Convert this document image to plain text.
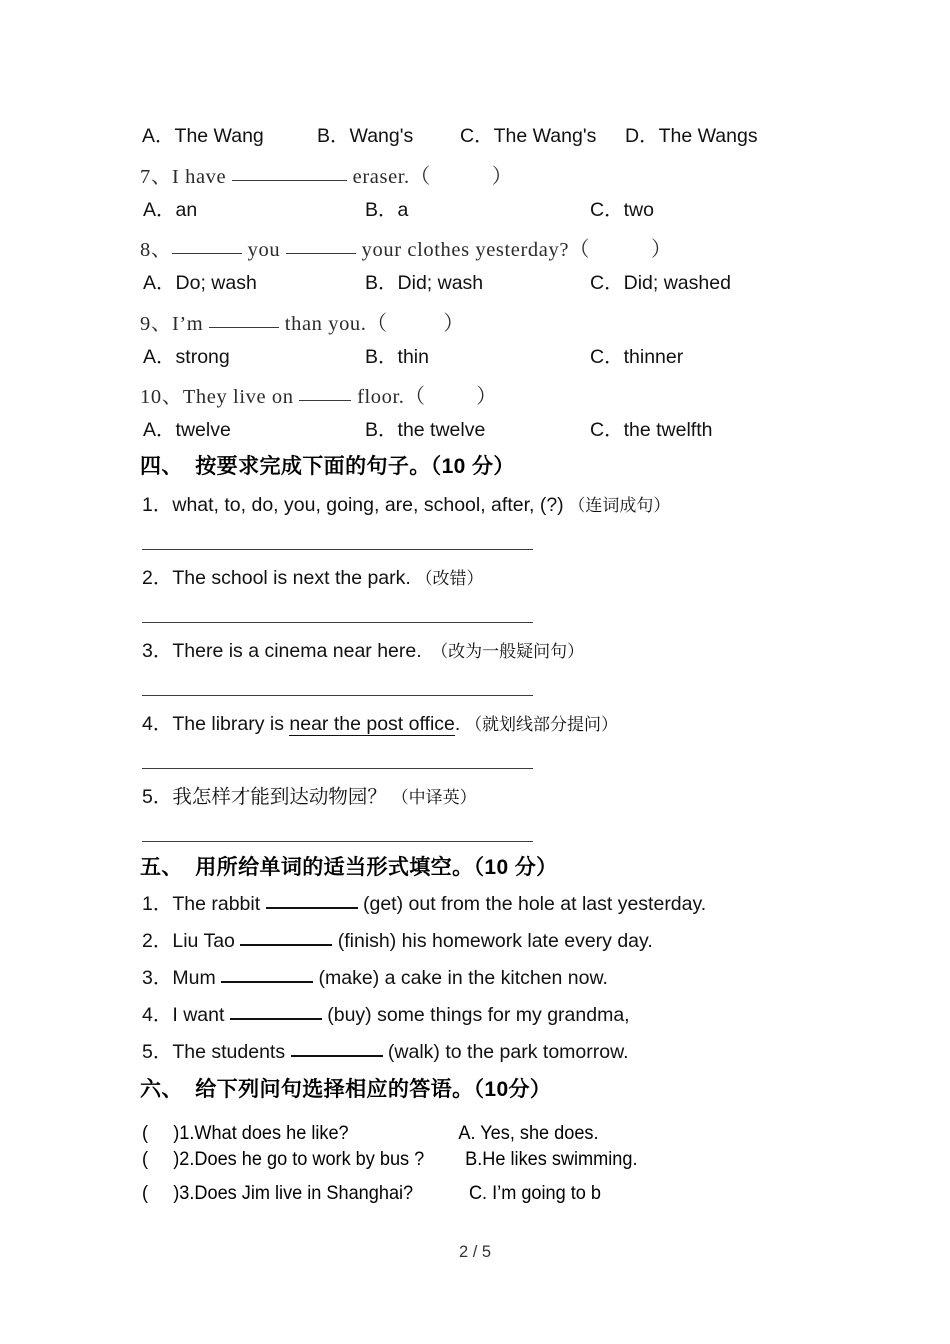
A．The Wang	B．Wang's	C．The Wang's	D．The Wangs
7、I have	eraser.（            ）
A．an	B．a	C．two
8、	you	your clothes yesterday?（            ）
A．Do; wash	B．Did; wash	C．Did; washed
9、I’m	than you.（           ）
A．strong	B．thin	C．thinner
10、They live on	floor.（          ）
A．twelve	B．the twelve	C．the twelfth
四、  按要求完成下面的句子。（10 分）
1．what, to, do, you, going, are, school, after, (?) （连词成句）
2．The school is next the park. （改错）
3．There is a cinema near here. （改为一般疑问句）
4．The library is near the post office. （就划线部分提问）
5．我怎样才能到达动物园？ （中译英）
五、  用所给单词的适当形式填空。（10 分）
1．The rabbit	(get) out from the hole at last yesterday.
2．Liu Tao	(finish) his homework late every day.
3．Mum	(make) a cake in the kitchen now.
4．I want	(buy) some things for my grandma,
5．The students	(walk) to the park tomorrow.
六、  给下列问句选择相应的答语。（10分）
(     )1.What does he like?	A. Yes, she does.
(     )2.Does he go to work by bus ? B.He likes swimming.
(     )3.Does Jim live in Shanghai?	C. I’m going to b
2 / 5
